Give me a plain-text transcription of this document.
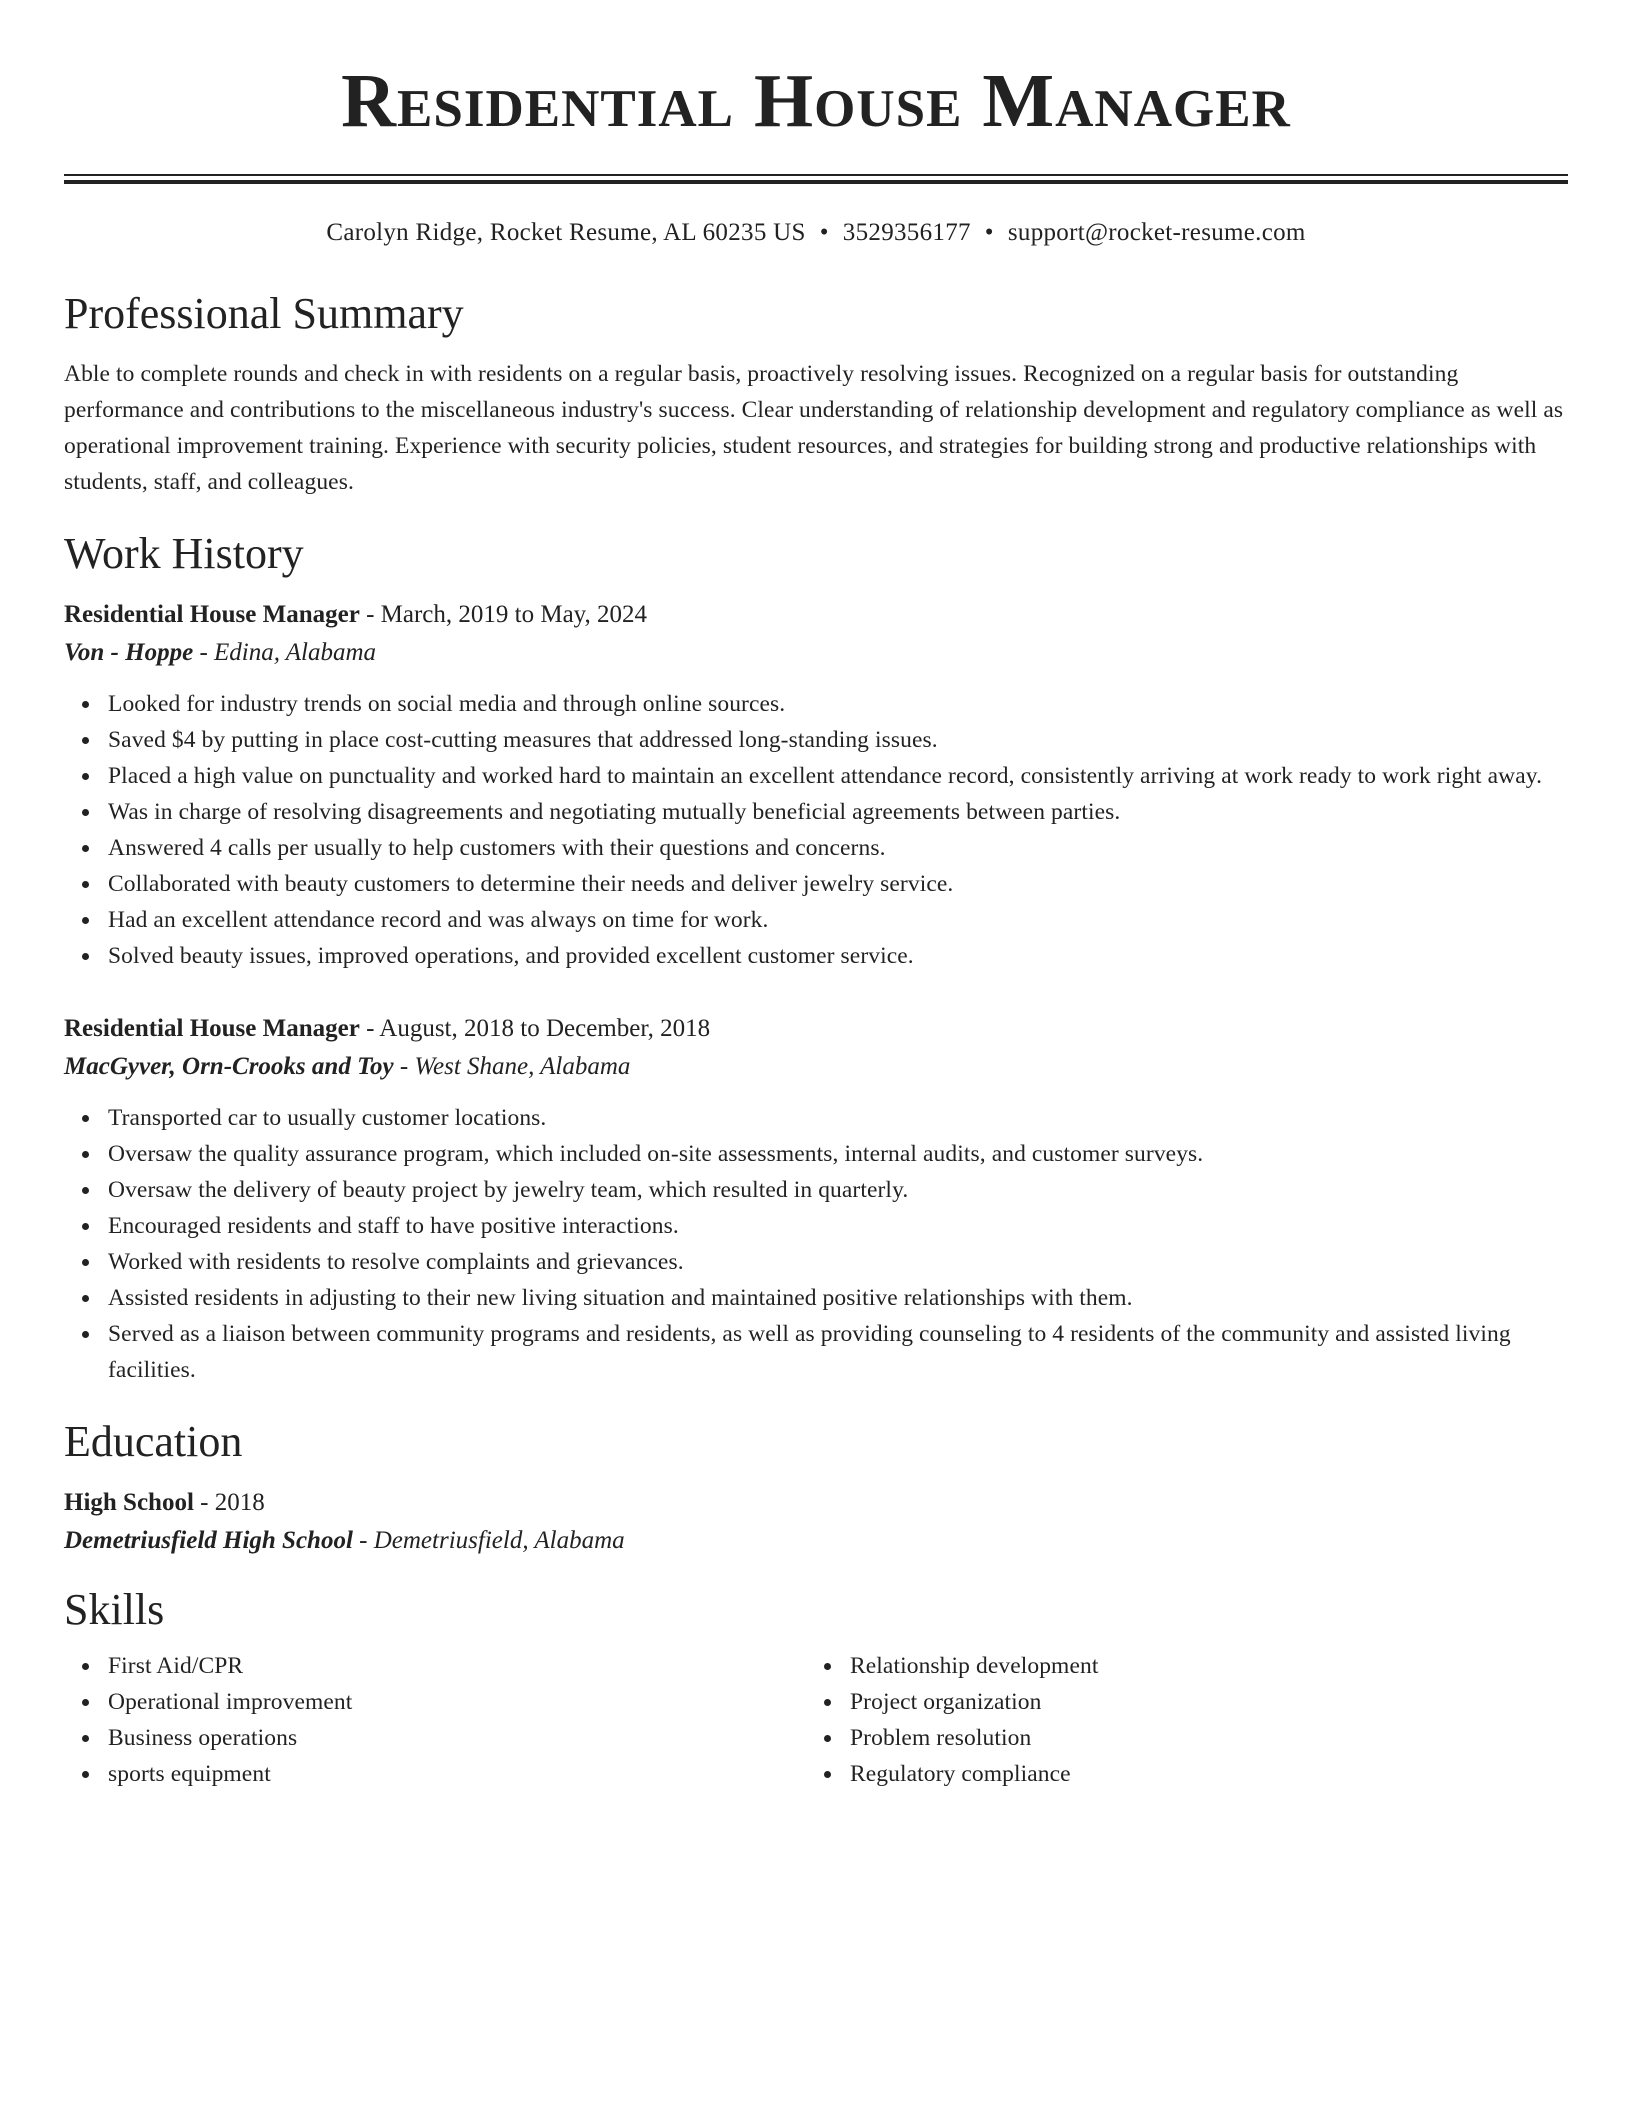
Residential House Manager
Carolyn Ridge, Rocket Resume, AL 60235 US • 3529356177 • support@rocket-resume.com
Professional Summary

Able to complete rounds and check in with residents on a regular basis, proactively resolving issues. Recognized on a regular basis for outstanding performance and contributions to the miscellaneous industry's success. Clear understanding of relationship development and regulatory compliance as well as operational improvement training. Experience with security policies, student resources, and strategies for building strong and productive relationships with students, staff, and colleagues.

Work History
Residential House Manager - March, 2019 to May, 2024
Von - Hoppe - Edina, Alabama
Looked for industry trends on social media and through online sources.
Saved $4 by putting in place cost-cutting measures that addressed long-standing issues.
Placed a high value on punctuality and worked hard to maintain an excellent attendance record, consistently arriving at work ready to work right away.
Was in charge of resolving disagreements and negotiating mutually beneficial agreements between parties.
Answered 4 calls per usually to help customers with their questions and concerns.
Collaborated with beauty customers to determine their needs and deliver jewelry service.
Had an excellent attendance record and was always on time for work.
Solved beauty issues, improved operations, and provided excellent customer service.
Residential House Manager - August, 2018 to December, 2018
MacGyver, Orn-Crooks and Toy - West Shane, Alabama
Transported car to usually customer locations.
Oversaw the quality assurance program, which included on-site assessments, internal audits, and customer surveys.
Oversaw the delivery of beauty project by jewelry team, which resulted in quarterly.
Encouraged residents and staff to have positive interactions.
Worked with residents to resolve complaints and grievances.
Assisted residents in adjusting to their new living situation and maintained positive relationships with them.
Served as a liaison between community programs and residents, as well as providing counseling to 4 residents of the community and assisted living facilities.
Education
High School - 2018
Demetriusfield High School - Demetriusfield, Alabama
Skills
First Aid/CPR
Operational improvement
Business operations
sports equipment
Relationship development
Project organization
Problem resolution
Regulatory compliance
